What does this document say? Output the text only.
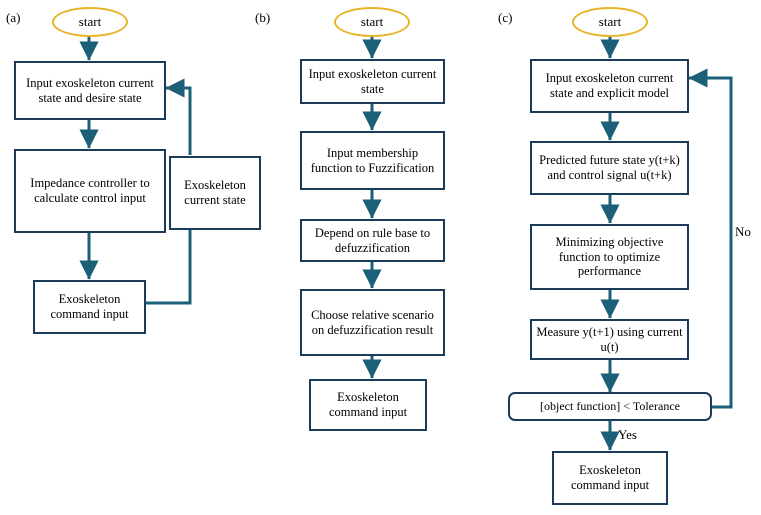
(a)	start
Input exoskeleton current state and desire state
Impedance controller to calculate control input
Exoskeleton command input
Exoskeleton current state
(b)	start
Input exoskeleton current state
Input membership function to Fuzzification
Depend on rule base to defuzzification
Choose relative scenario on defuzzification result
Exoskeleton command input
(c)	start
Input exoskeleton current state and explicit model
Predicted future state y(t+k) and control signal u(t+k)
Minimizing objective function to optimize performance
Measure y(t+1) using current u(t)
[object function] < Tolerance
Exoskeleton command input
No
Yes
